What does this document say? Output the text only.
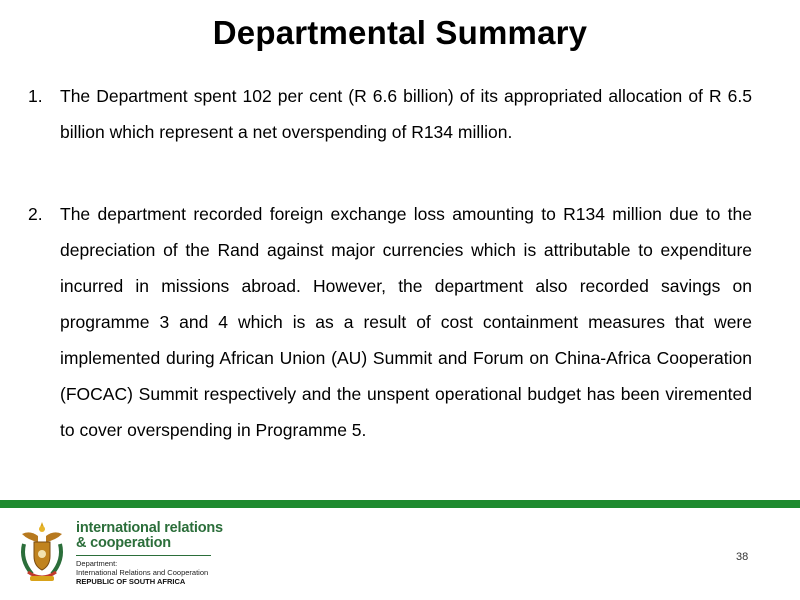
Departmental Summary
1. The Department spent 102 per cent (R 6.6 billion) of its appropriated allocation of R 6.5 billion which represent a net overspending of R134 million.
2. The department recorded foreign exchange loss amounting to R134 million due to the depreciation of the Rand against major currencies which is attributable to expenditure incurred in missions abroad. However, the department also recorded savings on programme 3 and 4 which is as a result of cost containment measures that were implemented during African Union (AU) Summit and Forum on China-Africa Cooperation (FOCAC) Summit respectively and the unspent operational budget has been viremented to cover overspending in Programme 5.
international relations
& cooperation
Department:
International Relations and Cooperation
REPUBLIC OF SOUTH AFRICA
38
